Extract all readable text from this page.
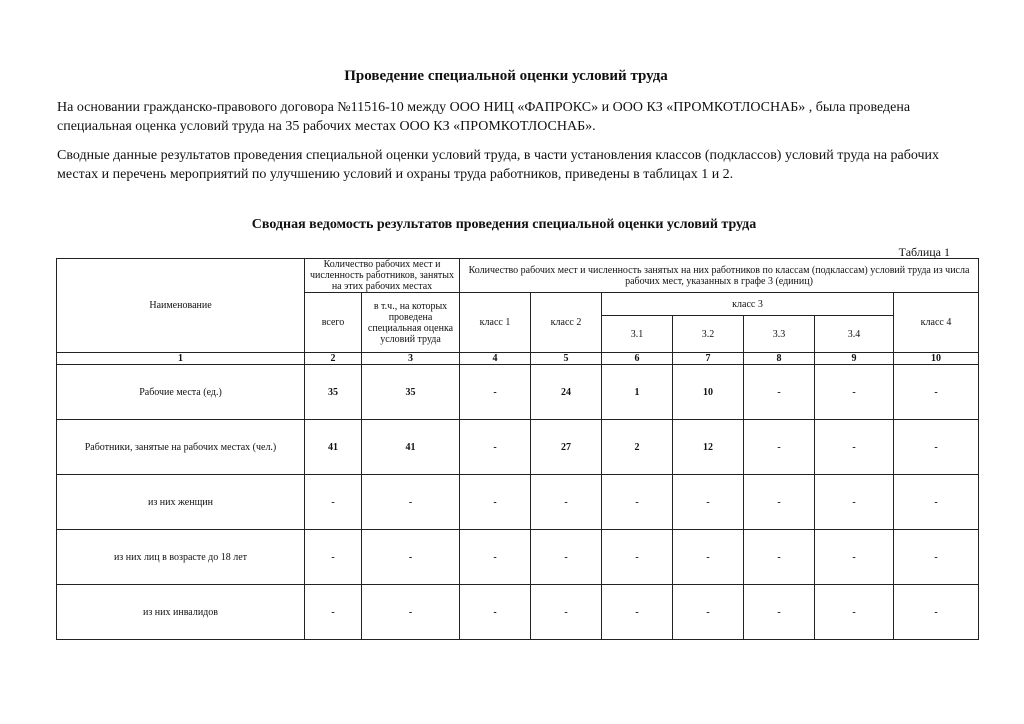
Проведение специальной оценки условий труда
На основании гражданско-правового договора №11516-10 между ООО НИЦ «ФАПРОКС» и ООО КЗ «ПРОМКОТЛОСНАБ» , была проведена специальная оценка условий труда на 35 рабочих местах ООО КЗ «ПРОМКОТЛОСНАБ».
Сводные данные результатов проведения специальной оценки условий труда, в части установления классов (подклассов) условий труда на рабочих местах и перечень мероприятий по улучшению условий и охраны труда работников, приведены в таблицах 1 и 2.
Сводная ведомость результатов проведения специальной оценки условий труда
Таблица 1
Наименование	Количество рабочих мест и численность работников, занятых на этих рабочих местах		Количество рабочих мест и численность занятых на них работников по классам (подклассам) условий труда из числа рабочих мест, указанных в графе 3 (единиц)						
	всего	в т.ч., на которых проведена специальная оценка условий труда	класс 1	класс 2	класс 3				класс 4
					3.1	3.2	3.3	3.4	
1	2	3	4	5	6	7	8	9	10
Рабочие места (ед.)	35	35	-	24	1	10	-	-	-
Работники, занятые на рабочих местах (чел.)	41	41	-	27	2	12	-	-	-
из них женщин	-	-	-	-	-	-	-	-	-
из них лиц в возрасте до 18 лет	-	-	-	-	-	-	-	-	-
из них инвалидов	-	-	-	-	-	-	-	-	-
